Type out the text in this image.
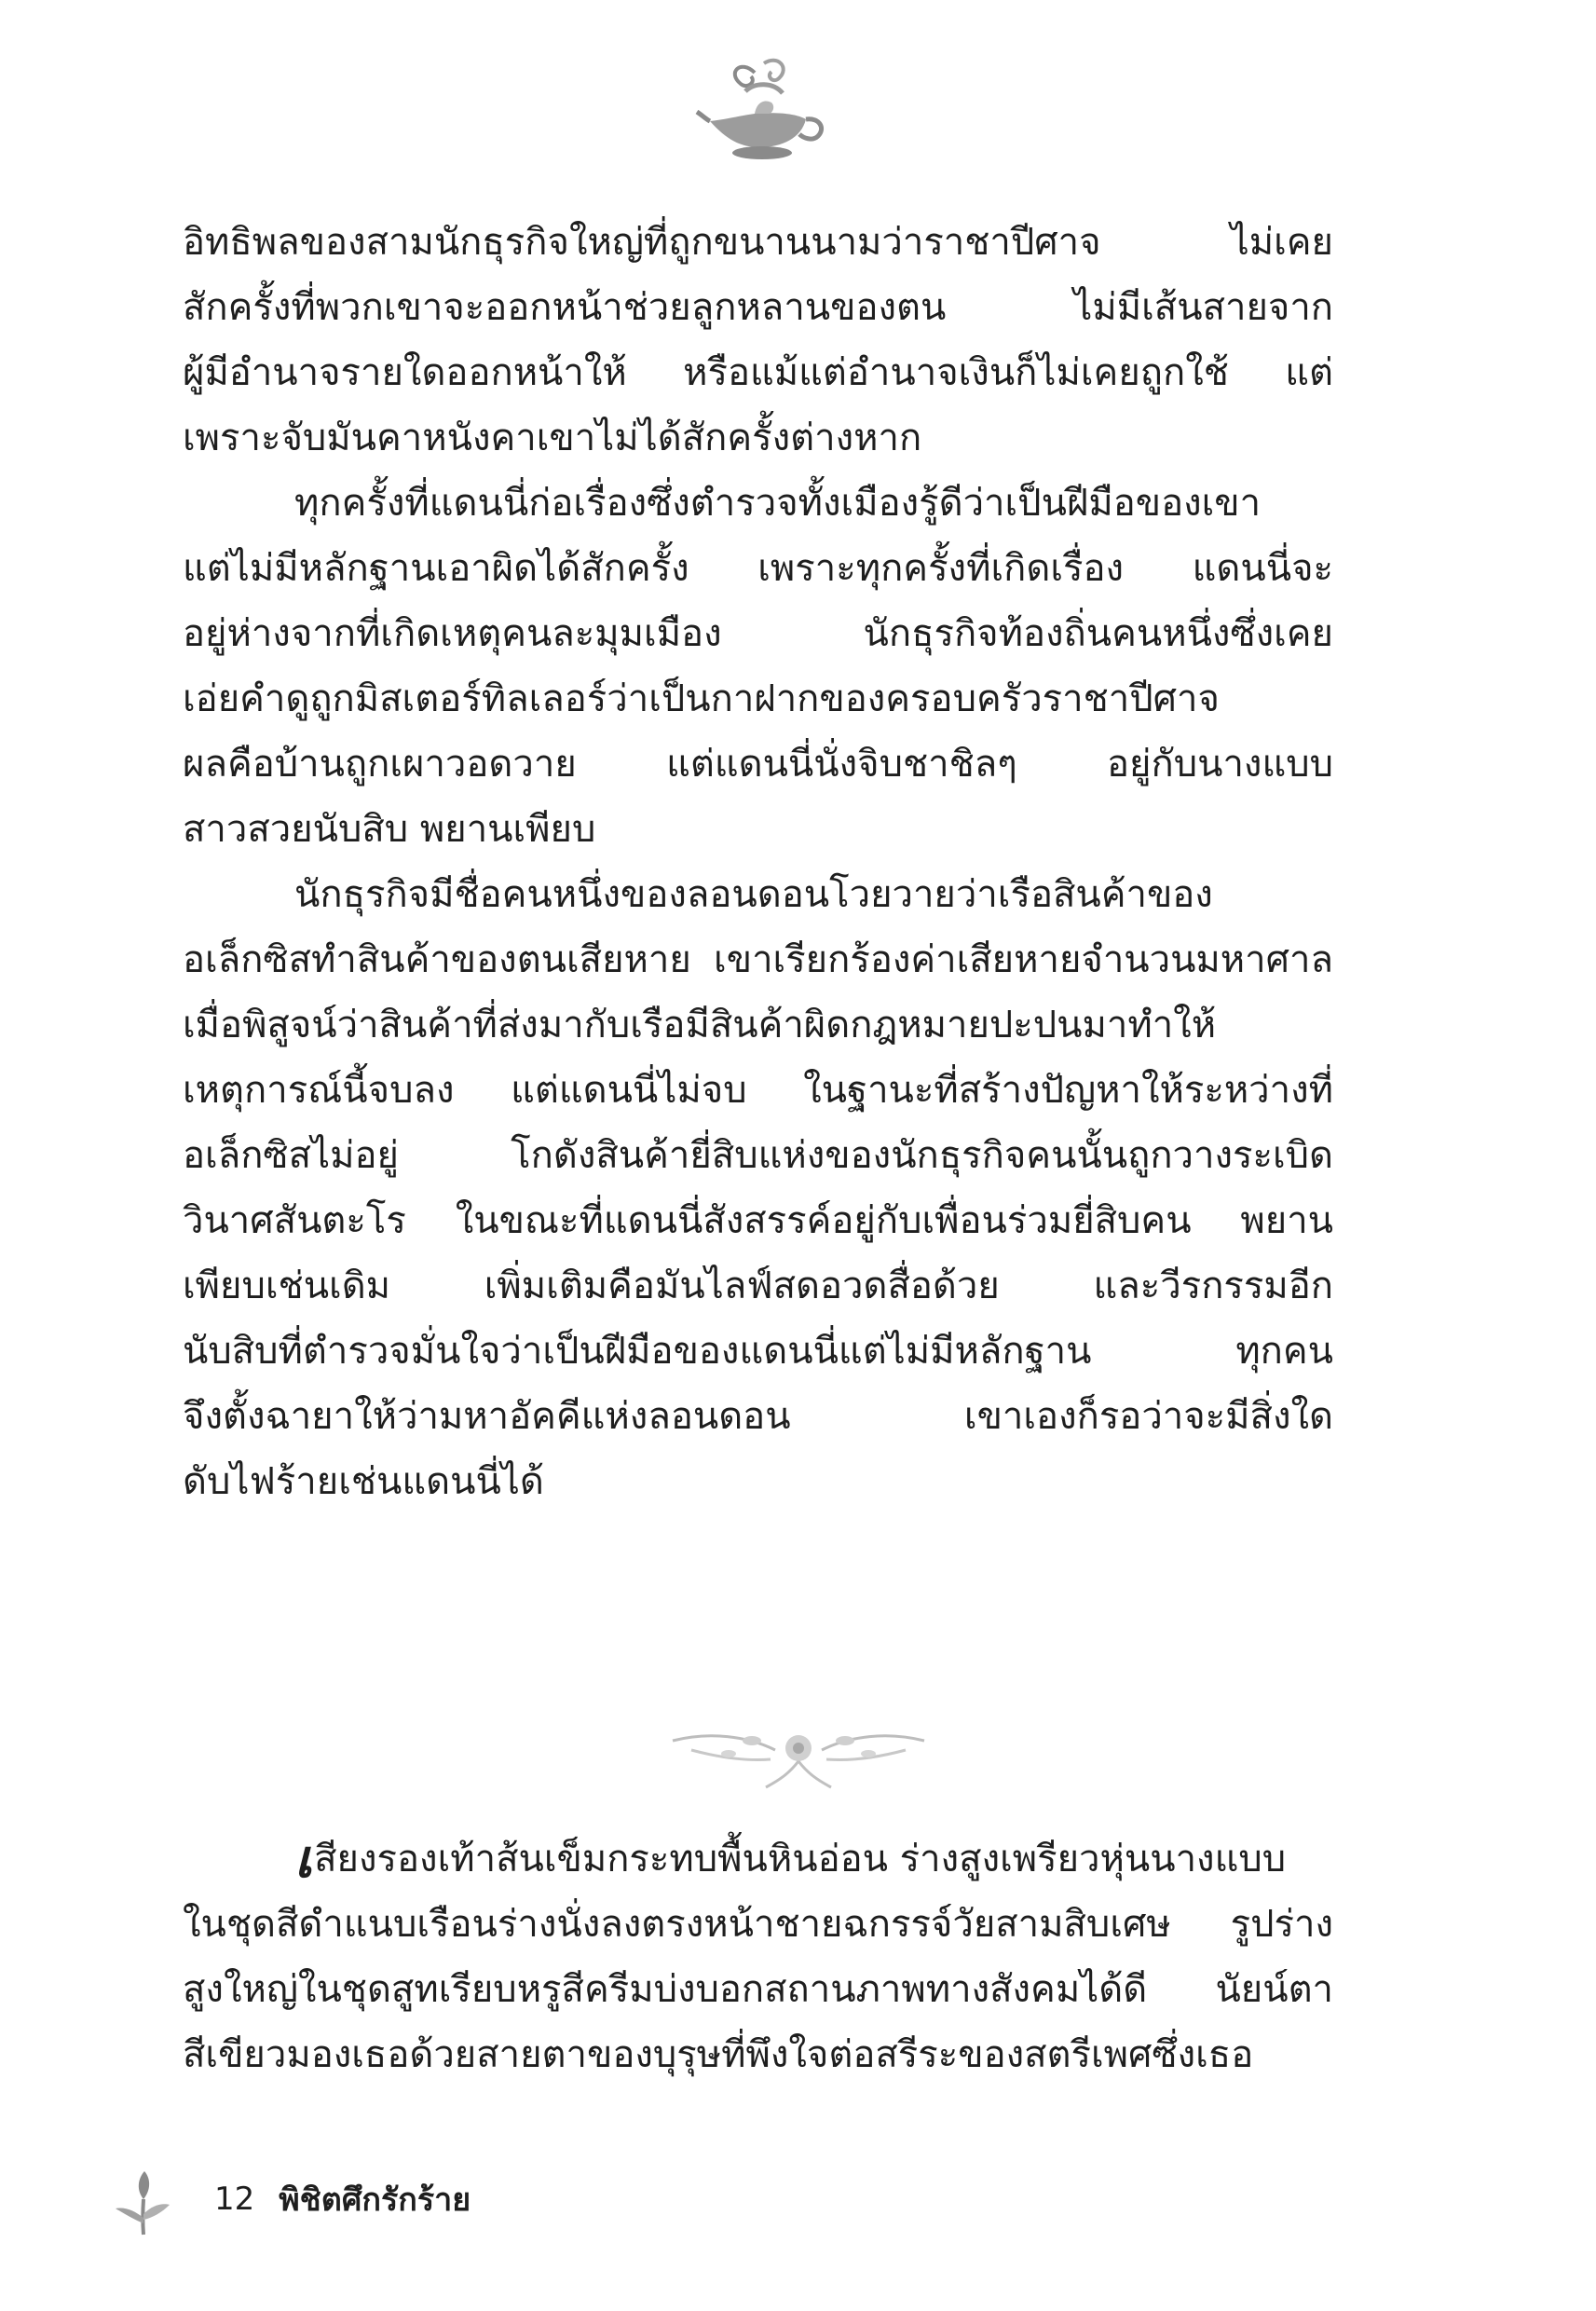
อิทธิพลของสามนักธุรกิจใหญ่ที่ถูกขนานนามว่าราชาปีศาจ ไม่เคย
สักครั้งที่พวกเขาจะออกหน้าช่วยลูกหลานของตน ไม่มีเส้นสายจาก
ผู้มีอำนาจรายใดออกหน้าให้ หรือแม้แต่อำนาจเงินก็ไม่เคยถูกใช้ แต่
เพราะจับมันคาหนังคาเขาไม่ได้สักครั้งต่างหาก
ทุกครั้งที่แดนนี่ก่อเรื่องซึ่งตำรวจทั้งเมืองรู้ดีว่าเป็นฝีมือของเขา
แต่ไม่มีหลักฐานเอาผิดได้สักครั้ง เพราะทุกครั้งที่เกิดเรื่อง แดนนี่จะ
อยู่ห่างจากที่เกิดเหตุคนละมุมเมือง นักธุรกิจท้องถิ่นคนหนึ่งซึ่งเคย
เอ่ยคำดูถูกมิสเตอร์ทิลเลอร์ว่าเป็นกาฝากของครอบครัวราชาปีศาจ
ผลคือบ้านถูกเผาวอดวาย แต่แดนนี่นั่งจิบชาชิลๆ อยู่กับนางแบบ
สาวสวยนับสิบ พยานเพียบ
นักธุรกิจมีชื่อคนหนึ่งของลอนดอนโวยวายว่าเรือสินค้าของ
อเล็กซิสทำสินค้าของตนเสียหาย เขาเรียกร้องค่าเสียหายจำนวนมหาศาล
เมื่อพิสูจน์ว่าสินค้าที่ส่งมากับเรือมีสินค้าผิดกฎหมายปะปนมาทำให้
เหตุการณ์นี้จบลง แต่แดนนี่ไม่จบ ในฐานะที่สร้างปัญหาให้ระหว่างที่
อเล็กซิสไม่อยู่ โกดังสินค้ายี่สิบแห่งของนักธุรกิจคนนั้นถูกวางระเบิด
วินาศสันตะโร ในขณะที่แดนนี่สังสรรค์อยู่กับเพื่อนร่วมยี่สิบคน พยาน
เพียบเช่นเดิม เพิ่มเติมคือมันไลฟ์สดอวดสื่อด้วย และวีรกรรมอีก
นับสิบที่ตำรวจมั่นใจว่าเป็นฝีมือของแดนนี่แต่ไม่มีหลักฐาน ทุกคน
จึงตั้งฉายาให้ว่ามหาอัคคีแห่งลอนดอน เขาเองก็รอว่าจะมีสิ่งใด
ดับไฟร้ายเช่นแดนนี่ได้
เ สียงรองเท้าส้นเข็มกระทบพื้นหินอ่อน ร่างสูงเพรียวหุ่นนางแบบ
ในชุดสีดำแนบเรือนร่างนั่งลงตรงหน้าชายฉกรรจ์วัยสามสิบเศษ รูปร่าง
สูงใหญ่ในชุดสูทเรียบหรูสีครีมบ่งบอกสถานภาพทางสังคมได้ดี นัยน์ตา
สีเขียวมองเธอด้วยสายตาของบุรุษที่พึงใจต่อสรีระของสตรีเพศซึ่งเธอ
12 พิชิตศึกรักร้าย
